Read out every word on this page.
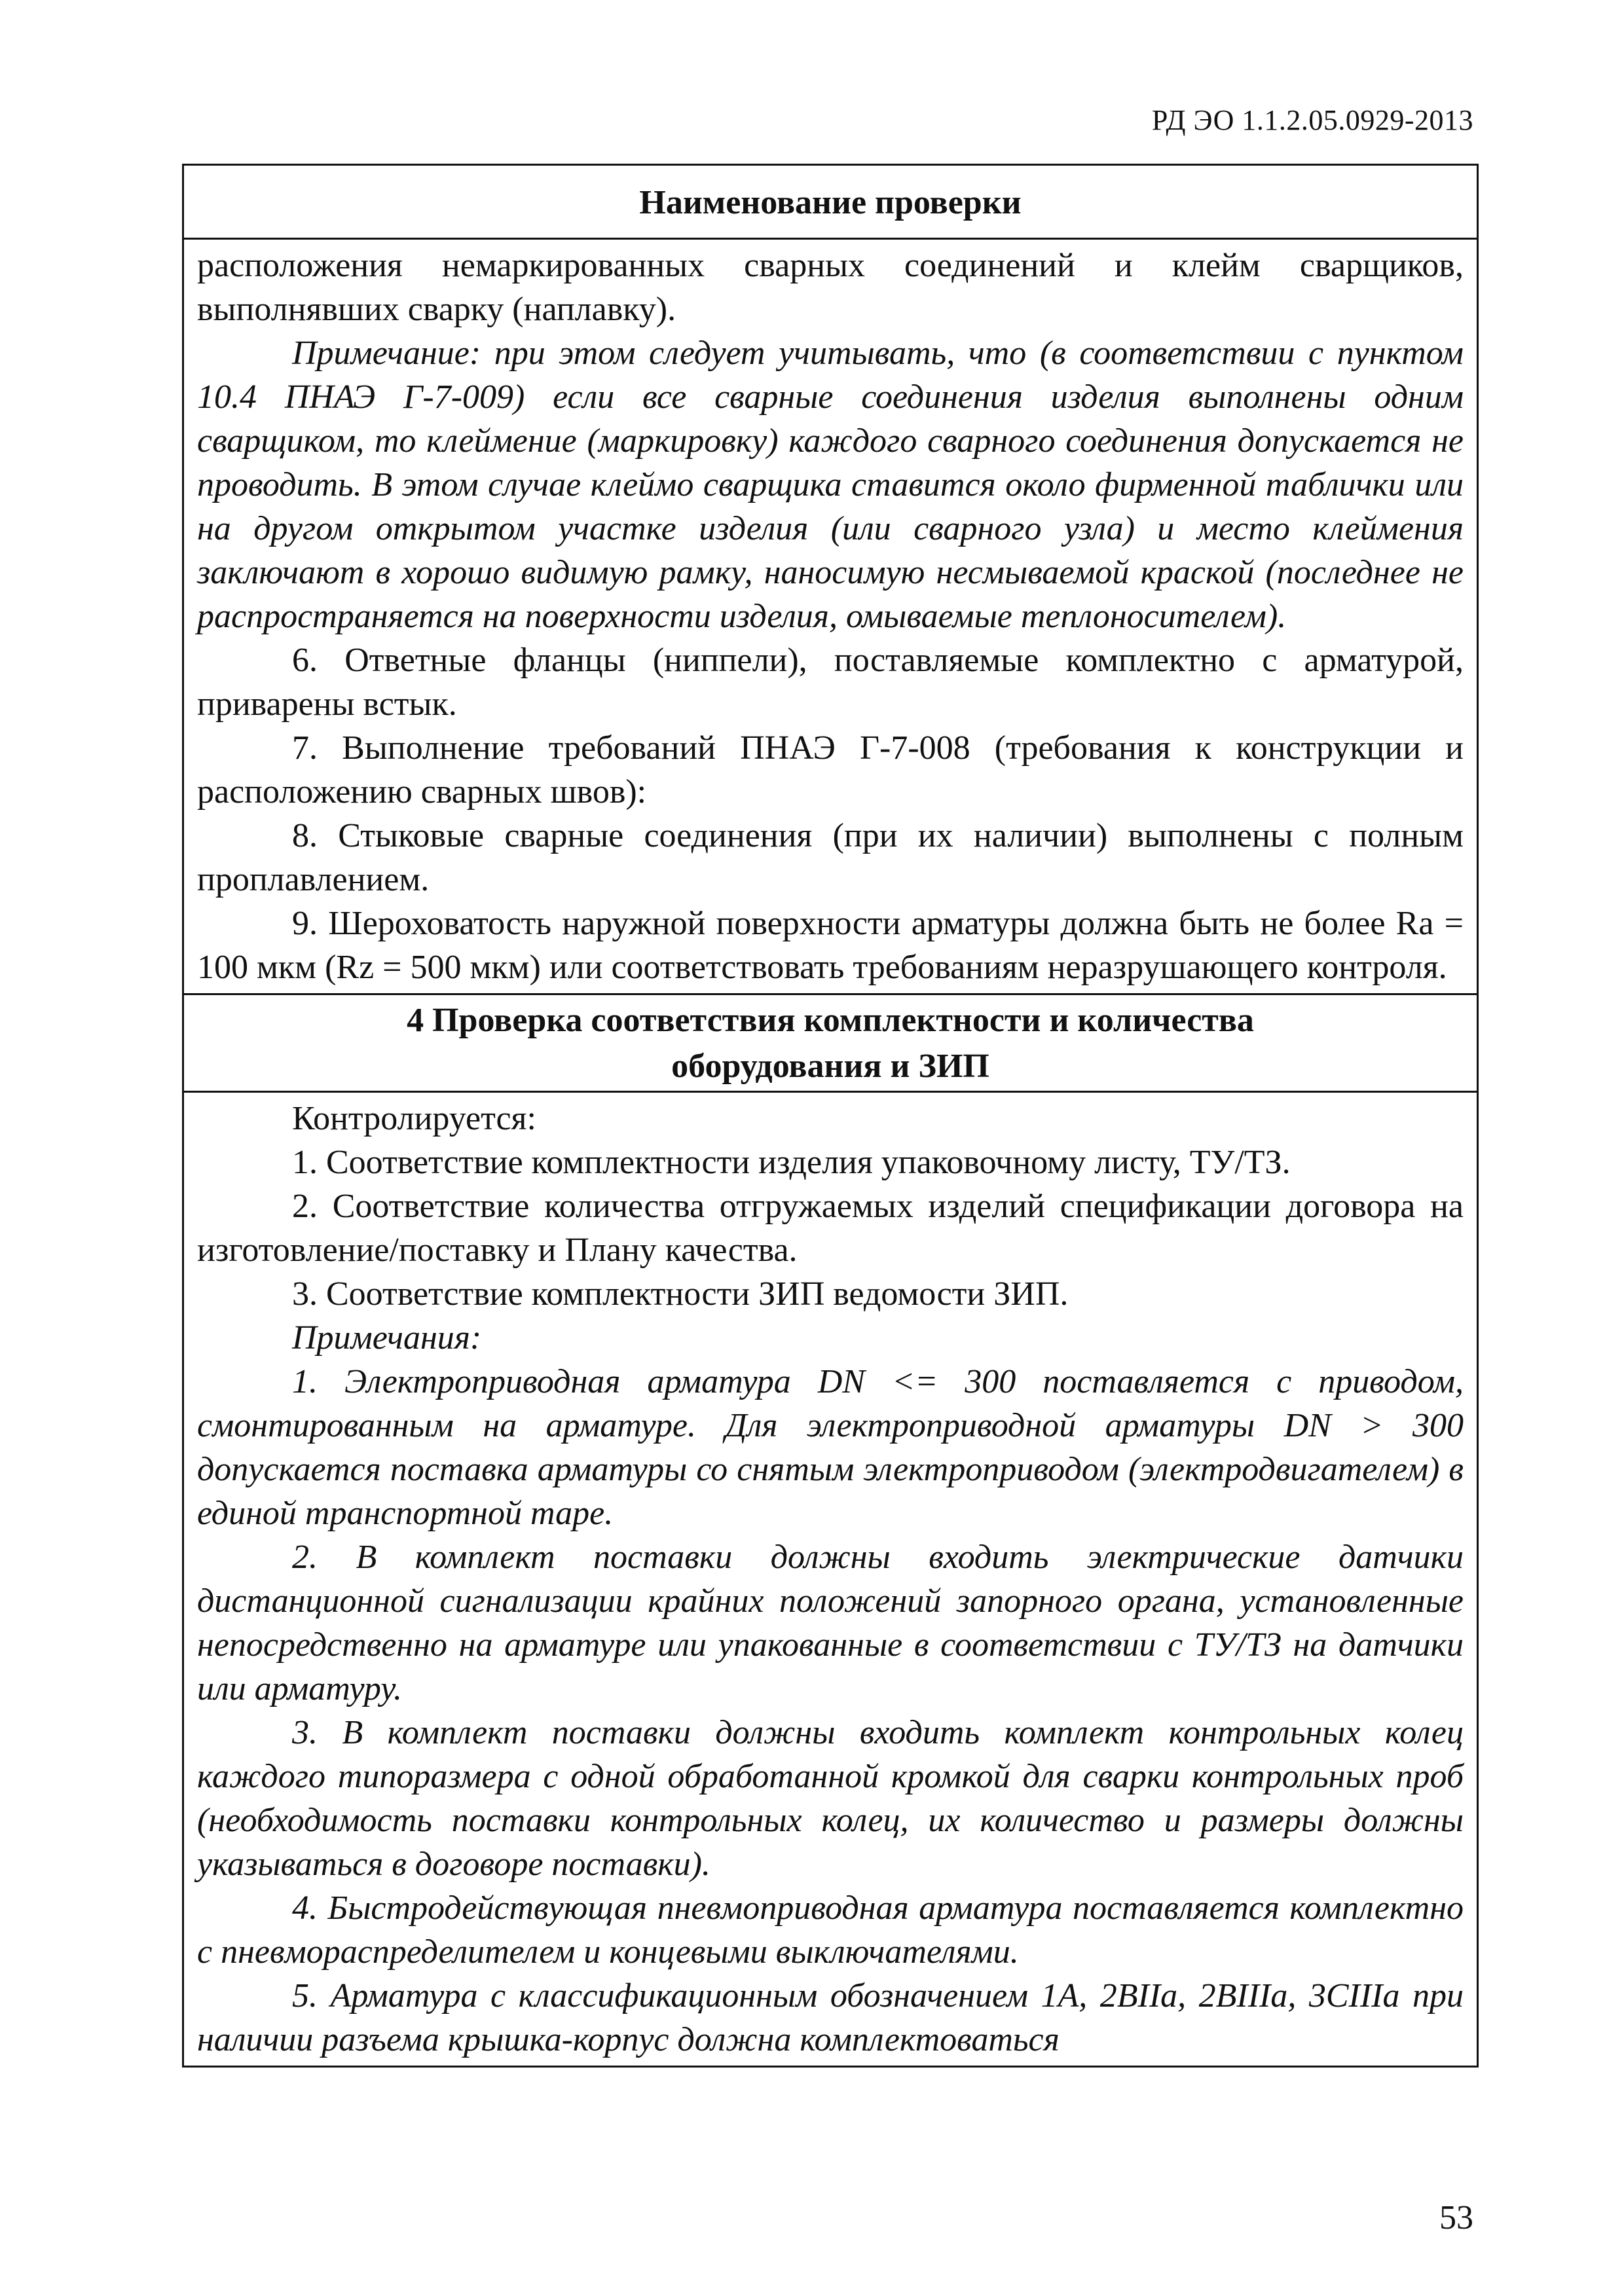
РД ЭО 1.1.2.05.0929-2013
Наименование проверки

расположения немаркированных сварных соединений и клейм сварщиков, выполнявших сварку (наплавку).

Примечание: при этом следует учитывать, что (в соответствии с пунктом 10.4 ПНАЭ Г-7-009) если все сварные соединения изделия выполнены одним сварщиком, то клеймение (маркировку) каждого сварного соединения допускается не проводить. В этом случае клеймо сварщика ставится около фирменной таблички или на другом открытом участке изделия (или сварного узла) и место клеймения заключают в хорошо видимую рамку, наносимую несмываемой краской (последнее не распространяется на поверхности изделия, омываемые теплоносителем).

6. Ответные фланцы (ниппели), поставляемые комплектно с арматурой, приварены встык.

7. Выполнение требований ПНАЭ Г-7-008 (требования к конструкции и расположению сварных швов):

8. Стыковые сварные соединения (при их наличии) выполнены с полным проплавлением.

9. Шероховатость наружной поверхности арматуры должна быть не более Ra = 100 мкм (Rz = 500 мкм) или соответствовать требованиям неразрушающего контроля.

4 Проверка соответствия комплектности и количества
оборудования и ЗИП

Контролируется:

1. Соответствие комплектности изделия упаковочному листу, ТУ/ТЗ.

2. Соответствие количества отгружаемых изделий спецификации договора на изготовление/поставку и Плану качества.

3. Соответствие комплектности ЗИП ведомости ЗИП.

Примечания:

1. Электроприводная арматура DN <= 300 поставляется с приводом, смонтированным на арматуре. Для электроприводной арматуры DN > 300 допускается поставка арматуры со снятым электроприводом (электродвигателем) в единой транспортной таре.

2. В комплект поставки должны входить электрические датчики дистанционной сигнализации крайних положений запорного органа, установленные непосредственно на арматуре или упакованные в соответствии с ТУ/ТЗ на датчики или арматуру.

3. В комплект поставки должны входить комплект контрольных колец каждого типоразмера с одной обработанной кромкой для сварки контрольных проб (необходимость поставки контрольных колец, их количество и размеры должны указываться в договоре поставки).

4. Быстродействующая пневмоприводная арматура поставляется комплектно с пневмораспределителем и концевыми выключателями.

5. Арматура с классификационным обозначением 1А, 2ВIIа, 2ВIIIа, 3СIIIа при наличии разъема крышка-корпус должна комплектоваться

53
